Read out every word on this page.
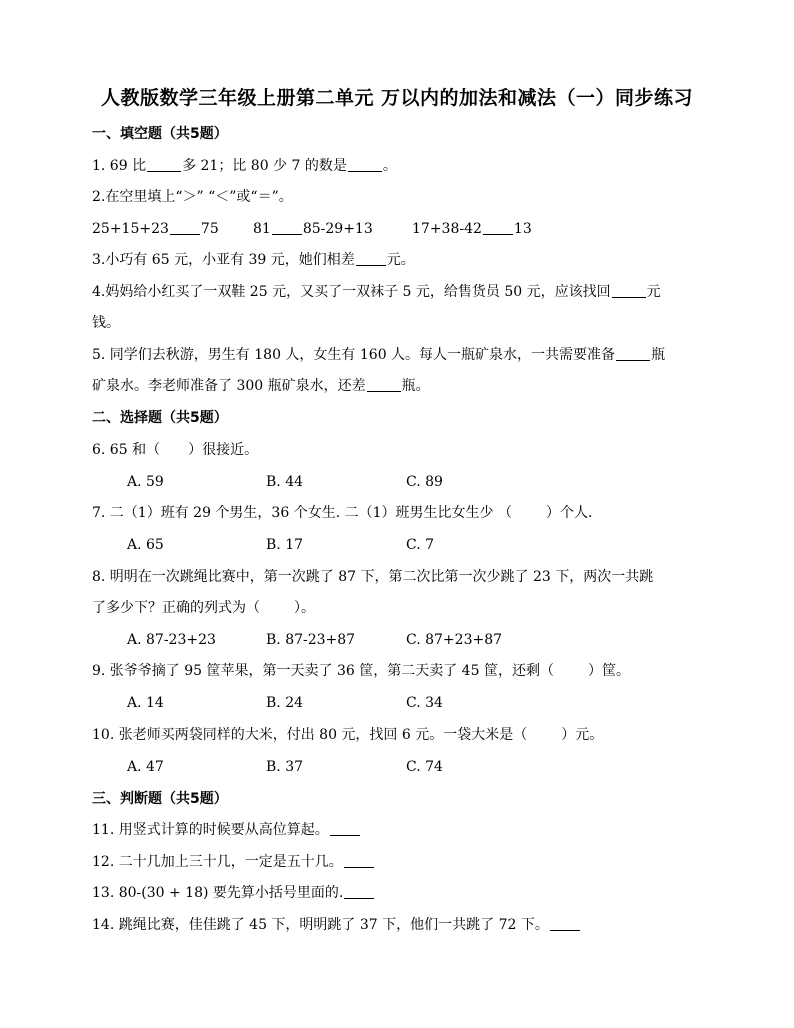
人教版数学三年级上册第二单元 万以内的加法和减法（一）同步练习
一、填空题（共5题）
1. 69 比	多 21；比 80 少 7 的数是	。
2.在空里填上“＞” “＜”或“＝”。
25+15+23 75 81 85-29+13	17+38-42 13
3.小巧有 65 元，小亚有 39 元，她们相差 元。
4.妈妈给小红买了一双鞋 25 元，又买了一双袜子 5 元，给售货员 50 元，应该找回	元
钱。
5. 同学们去秋游，男生有 180 人，女生有 160 人。每人一瓶矿泉水，一共需要准备	瓶
矿泉水。李老师准备了 300 瓶矿泉水，还差	瓶。
二、选择题（共5题）
6. 65 和（ ）很接近。
A. 59	B. 44	C. 89
7. 二（1）班有 29 个男生，36 个女生. 二（1）班男生比女生少 （ ）个人.
A. 65	B. 17	C. 7
8. 明明在一次跳绳比赛中，第一次跳了 87 下，第二次比第一次少跳了 23 下，两次一共跳
了多少下？正确的列式为（ ）。
A. 87-23+23	B. 87-23+87	C. 87+23+87
9. 张爷爷摘了 95 筐苹果，第一天卖了 36 筐，第二天卖了 45 筐，还剩（ ）筐。
A. 14	B. 24	C. 34
10. 张老师买两袋同样的大米，付出 80 元，找回 6 元。一袋大米是（ ）元。
A. 47	B. 37	C. 74
三、判断题（共5题）
11. 用竖式计算的时候要从高位算起。
12. 二十几加上三十几，一定是五十几。
13. 80-(30 + 18) 要先算小括号里面的.
14. 跳绳比赛，佳佳跳了 45 下，明明跳了 37 下，他们一共跳了 72 下。
